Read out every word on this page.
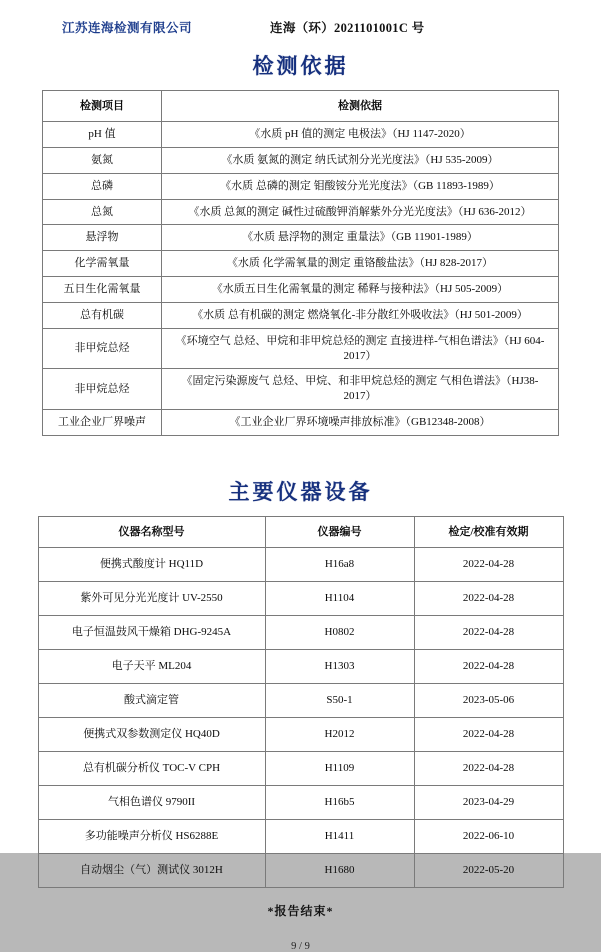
江苏连海检测有限公司	连海（环）2021101001C 号
检测依据
检测项目	检测依据
pH 值	《水质 pH 值的测定 电极法》（HJ 1147-2020）
氨氮	《水质 氨氮的测定 纳氏试剂分光光度法》（HJ 535-2009）
总磷	《水质 总磷的测定 钼酸铵分光光度法》（GB 11893-1989）
总氮	《水质 总氮的测定 碱性过硫酸钾消解紫外分光光度法》（HJ 636-2012）
悬浮物	《水质 悬浮物的测定 重量法》（GB 11901-1989）
化学需氧量	《水质 化学需氧量的测定 重铬酸盐法》（HJ 828-2017）
五日生化需氧量	《水质五日生化需氧量的测定 稀释与接种法》（HJ 505-2009）
总有机碳	《水质 总有机碳的测定 燃烧氧化-非分散红外吸收法》（HJ 501-2009）
非甲烷总烃	《环境空气 总烃、甲烷和非甲烷总烃的测定 直接进样-气相色谱法》（HJ 604-2017）
非甲烷总烃	《固定污染源废气 总烃、甲烷、和非甲烷总烃的测定 气相色谱法》（HJ38-2017）
工业企业厂界噪声	《工业企业厂界环境噪声排放标准》（GB12348-2008）
主要仪器设备
仪器名称型号	仪器编号	检定/校准有效期
便携式酸度计 HQ11D	H16a8	2022-04-28
紫外可见分光光度计 UV-2550	H1104	2022-04-28
电子恒温鼓风干燥箱 DHG-9245A	H0802	2022-04-28
电子天平 ML204	H1303	2022-04-28
酸式滴定管	S50-1	2023-05-06
便携式双参数测定仪 HQ40D	H2012	2022-04-28
总有机碳分析仪 TOC-V CPH	H1109	2022-04-28
气相色谱仪 9790II	H16b5	2023-04-29
多功能噪声分析仪 HS6288E	H1411	2022-06-10
自动烟尘（气）测试仪 3012H	H1680	2022-05-20
*报告结束*
9 / 9
